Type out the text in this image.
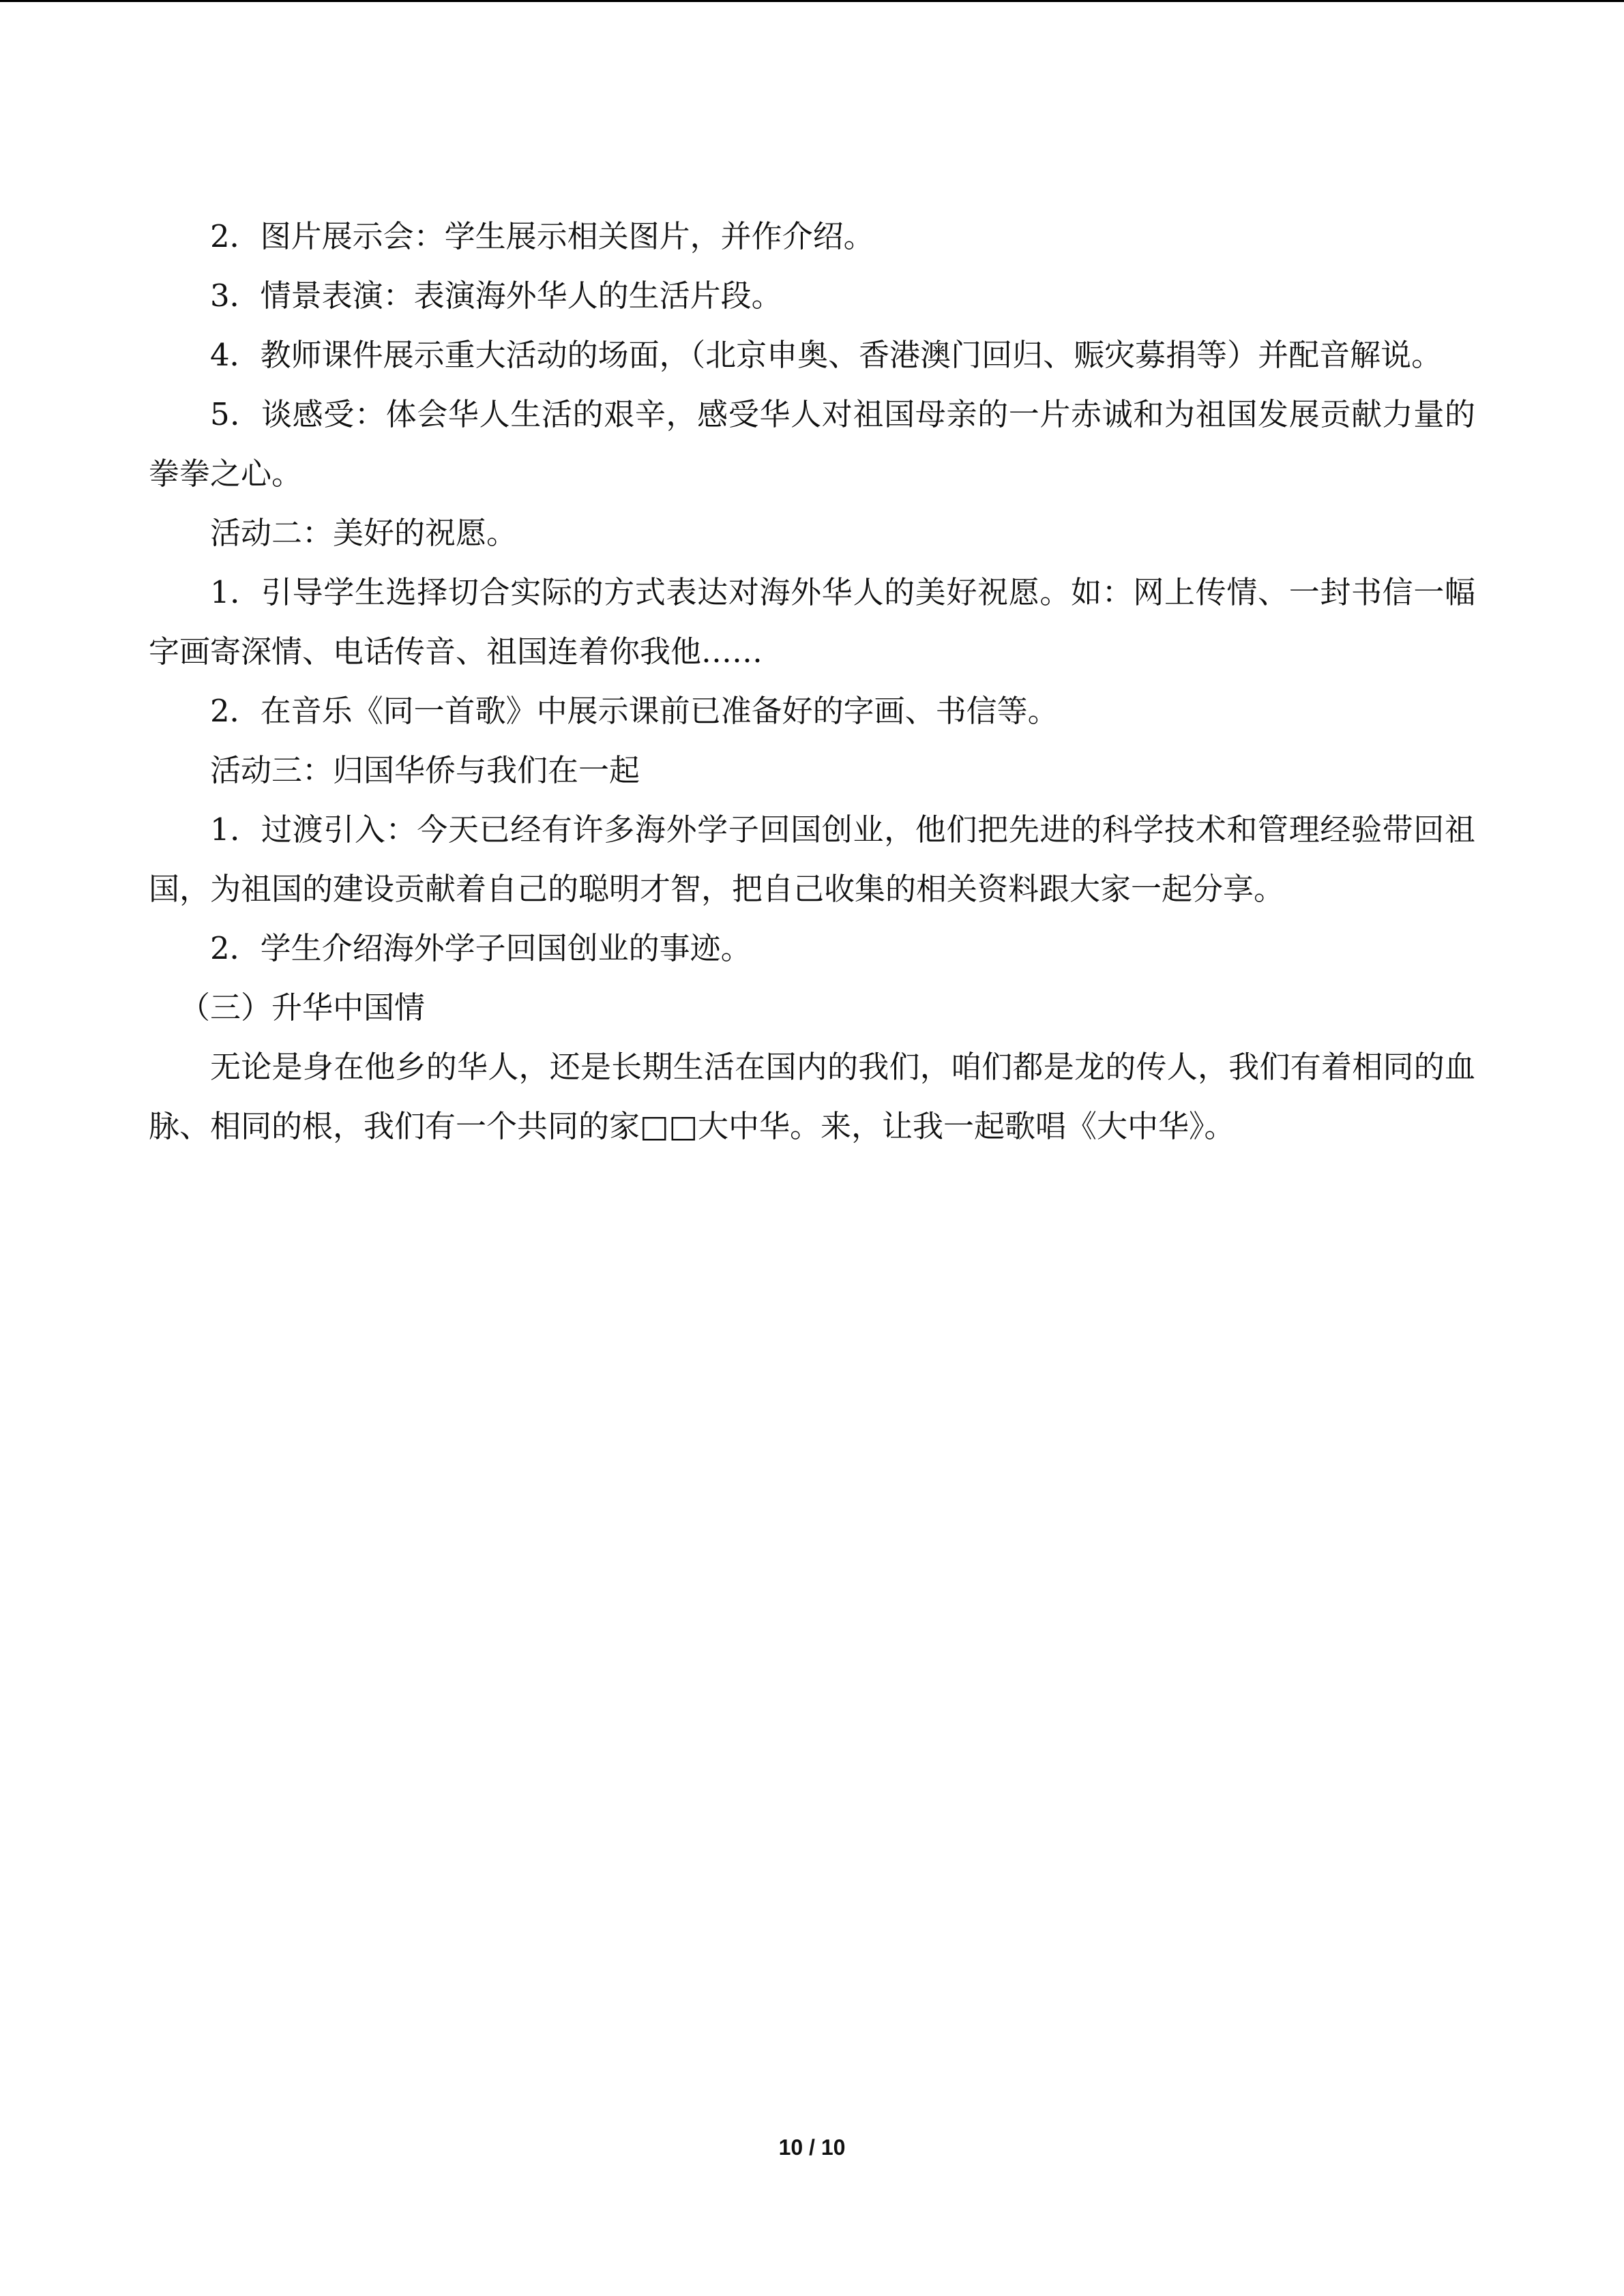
2．图片展示会：学生展示相关图片，并作介绍。

3．情景表演：表演海外华人的生活片段。

4．教师课件展示重大活动的场面，（北京申奥、香港澳门回归、赈灾募捐等）并配音解说。

5．谈感受：体会华人生活的艰辛，感受华人对祖国母亲的一片赤诚和为祖国发展贡献力量的拳拳之心。

活动二：美好的祝愿。

1．引导学生选择切合实际的方式表达对海外华人的美好祝愿。如：网上传情、一封书信一幅字画寄深情、电话传音、祖国连着你我他……

2．在音乐《同一首歌》中展示课前已准备好的字画、书信等。

活动三：归国华侨与我们在一起

1．过渡引入：今天已经有许多海外学子回国创业，他们把先进的科学技术和管理经验带回祖国，为祖国的建设贡献着自己的聪明才智，把自己收集的相关资料跟大家一起分享。

2．学生介绍海外学子回国创业的事迹。

（三）升华中国情

无论是身在他乡的华人，还是长期生活在国内的我们，咱们都是龙的传人，我们有着相同的血脉、相同的根，我们有一个共同的家□□大中华。来，让我一起歌唱《大中华》。

10 / 10
